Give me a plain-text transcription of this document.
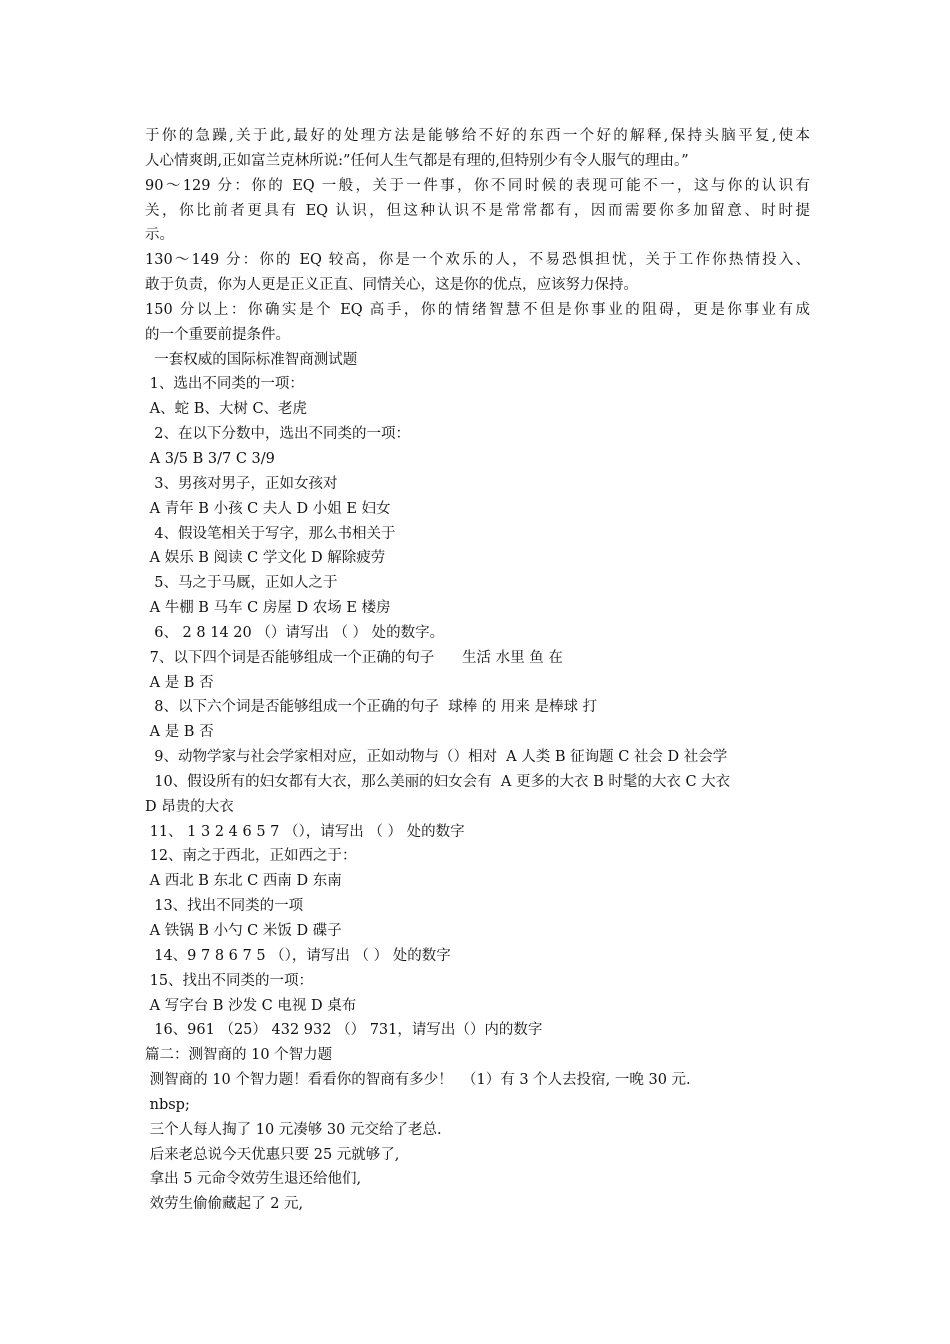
于你的急躁,关于此,最好的处理方法是能够给不好的东西一个好的解释,保持头脑平复,使本
人心情爽朗,正如富兰克林所说:”任何人生气都是有理的,但特别少有令人服气的理由。”
90～129 分：你的 EQ 一般，关于一件事，你不同时候的表现可能不一，这与你的认识有
关，你比前者更具有 EQ 认识，但这种认识不是常常都有，因而需要你多加留意、时时提
示。
130～149 分：你的 EQ 较高，你是一个欢乐的人，不易恐惧担忧，关于工作你热情投入、
敢于负责，你为人更是正义正直、同情关心，这是你的优点，应该努力保持。
150 分以上：你确实是个 EQ 高手，你的情绪智慧不但是你事业的阻碍，更是你事业有成
的一个重要前提条件。
一套权威的国际标准智商测试题
1、选出不同类的一项：
A、蛇 B、大树 C、老虎
2、在以下分数中，选出不同类的一项：
A 3/5 B 3/7 C 3/9
3、男孩对男子，正如女孩对
A 青年 B 小孩 C 夫人 D 小姐 E 妇女
4、假设笔相关于写字，那么书相关于
A 娱乐 B 阅读 C 学文化 D 解除疲劳
5、马之于马厩，正如人之于
A 牛棚 B 马车 C 房屋 D 农场 E 楼房
6、 2 8 14 20 （）请写出 （ ） 处的数字。
7、以下四个词是否能够组成一个正确的句子      生活 水里 鱼 在
A 是 B 否
8、以下六个词是否能够组成一个正确的句子  球棒 的 用来 是棒球 打
A 是 B 否
9、动物学家与社会学家相对应，正如动物与（）相对  A 人类 B 征询题 C 社会 D 社会学
10、假设所有的妇女都有大衣，那么美丽的妇女会有  A 更多的大衣 B 时髦的大衣 C 大衣
D 昂贵的大衣
11、 1 3 2 4 6 5 7 （），请写出 （ ） 处的数字
12、南之于西北，正如西之于：
A 西北 B 东北 C 西南 D 东南
13、找出不同类的一项
A 铁锅 B 小勺 C 米饭 D 碟子
14、9 7 8 6 7 5 （），请写出 （ ） 处的数字
15、找出不同类的一项：
A 写字台 B 沙发 C 电视 D 桌布
16、961 （25） 432 932 （） 731，请写出（）内的数字
篇二：测智商的 10 个智力题
测智商的 10 个智力题！看看你的智商有多少！  （1）有 3 个人去投宿, 一晚 30 元.
nbsp;
三个人每人掏了 10 元凑够 30 元交给了老总.
后来老总说今天优惠只要 25 元就够了,
拿出 5 元命令效劳生退还给他们,
效劳生偷偷藏起了 2 元,
